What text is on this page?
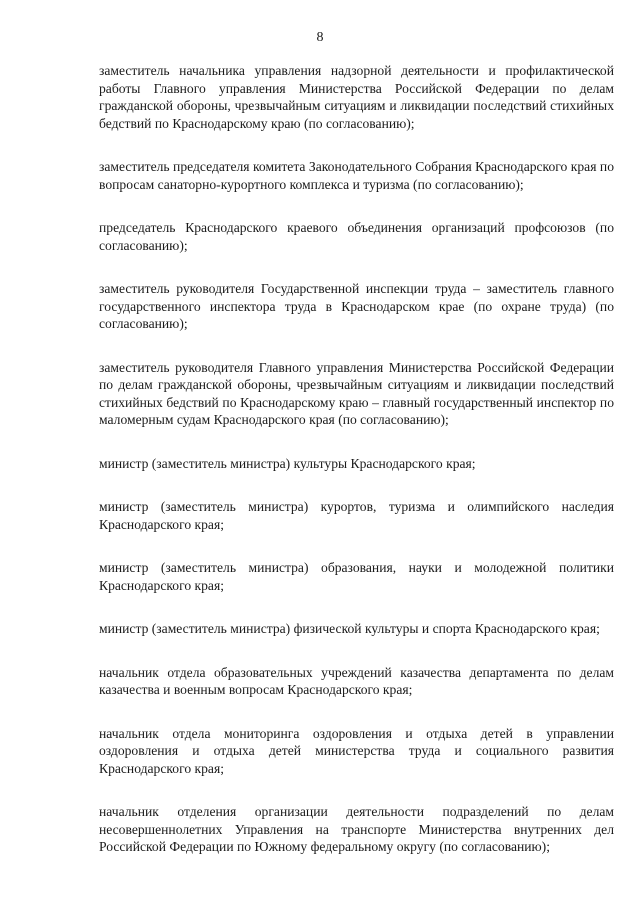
8

заместитель начальника управления надзорной деятельности и профилактической работы Главного управления Министерства Российской Федерации по делам гражданской обороны, чрезвычайным ситуациям и ликвидации последствий стихийных бедствий по Краснодарскому краю (по согласованию);

заместитель председателя комитета Законодательного Собрания Краснодарского края по вопросам санаторно-курортного комплекса и туризма (по согласованию);

председатель Краснодарского краевого объединения организаций профсоюзов (по согласованию);

заместитель руководителя Государственной инспекции труда – заместитель главного государственного инспектора труда в Краснодарском крае (по охране труда) (по согласованию);

заместитель руководителя Главного управления Министерства Российской Федерации по делам гражданской обороны, чрезвычайным ситуациям и ликвидации последствий стихийных бедствий по Краснодарскому краю – главный государственный инспектор по маломерным судам Краснодарского края (по согласованию);

министр (заместитель министра) культуры Краснодарского края;

министр (заместитель министра) курортов, туризма и олимпийского наследия Краснодарского края;

министр (заместитель министра) образования, науки и молодежной политики Краснодарского края;

министр (заместитель министра) физической культуры и спорта Краснодарского края;

начальник отдела образовательных учреждений казачества департамента по делам казачества и военным вопросам Краснодарского края;

начальник отдела мониторинга оздоровления и отдыха детей в управлении оздоровления и отдыха детей министерства труда и социального развития Краснодарского края;

начальник отделения организации деятельности подразделений по делам несовершеннолетних Управления на транспорте Министерства внутренних дел Российской Федерации по Южному федеральному округу (по согласованию);
